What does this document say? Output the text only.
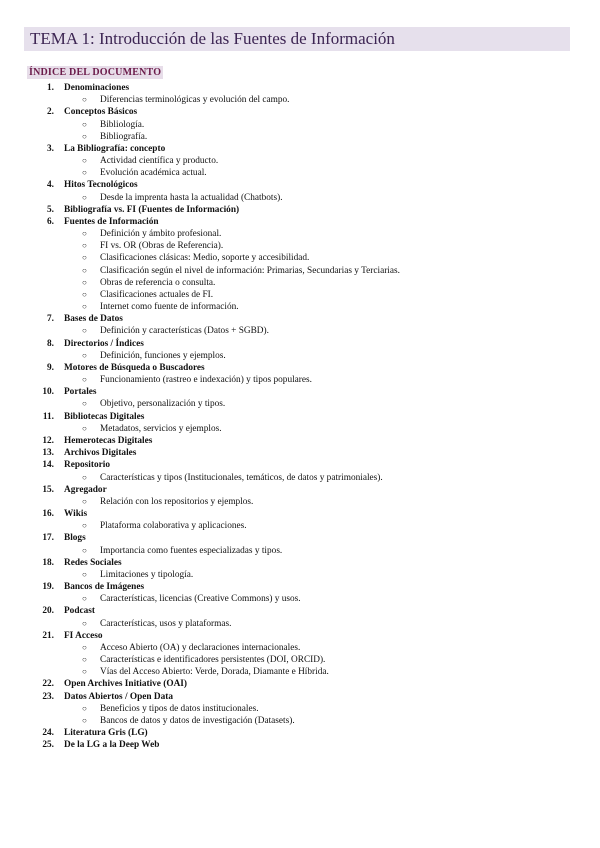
TEMA 1: Introducción de las Fuentes de Información
ÍNDICE DEL DOCUMENTO
1. Denominaciones
○ Diferencias terminológicas y evolución del campo.
2. Conceptos Básicos
○ Bibliología.
○ Bibliografía.
3. La Bibliografía: concepto
○ Actividad científica y producto.
○ Evolución académica actual.
4. Hitos Tecnológicos
○ Desde la imprenta hasta la actualidad (Chatbots).
5. Bibliografía vs. FI (Fuentes de Información)
6. Fuentes de Información
○ Definición y ámbito profesional.
○ FI vs. OR (Obras de Referencia).
○ Clasificaciones clásicas: Medio, soporte y accesibilidad.
○ Clasificación según el nivel de información: Primarias, Secundarias y Terciarias.
○ Obras de referencia o consulta.
○ Clasificaciones actuales de FI.
○ Internet como fuente de información.
7. Bases de Datos
○ Definición y características (Datos + SGBD).
8. Directorios / Índices
○ Definición, funciones y ejemplos.
9. Motores de Búsqueda o Buscadores
○ Funcionamiento (rastreo e indexación) y tipos populares.
10. Portales
○ Objetivo, personalización y tipos.
11. Bibliotecas Digitales
○ Metadatos, servicios y ejemplos.
12. Hemerotecas Digitales
13. Archivos Digitales
14. Repositorio
○ Características y tipos (Institucionales, temáticos, de datos y patrimoniales).
15. Agregador
○ Relación con los repositorios y ejemplos.
16. Wikis
○ Plataforma colaborativa y aplicaciones.
17. Blogs
○ Importancia como fuentes especializadas y tipos.
18. Redes Sociales
○ Limitaciones y tipología.
19. Bancos de Imágenes
○ Características, licencias (Creative Commons) y usos.
20. Podcast
○ Características, usos y plataformas.
21. FI Acceso
○ Acceso Abierto (OA) y declaraciones internacionales.
○ Características e identificadores persistentes (DOI, ORCID).
○ Vías del Acceso Abierto: Verde, Dorada, Diamante e Híbrida.
22. Open Archives Initiative (OAI)
23. Datos Abiertos / Open Data
○ Beneficios y tipos de datos institucionales.
○ Bancos de datos y datos de investigación (Datasets).
24. Literatura Gris (LG)
25. De la LG a la Deep Web
